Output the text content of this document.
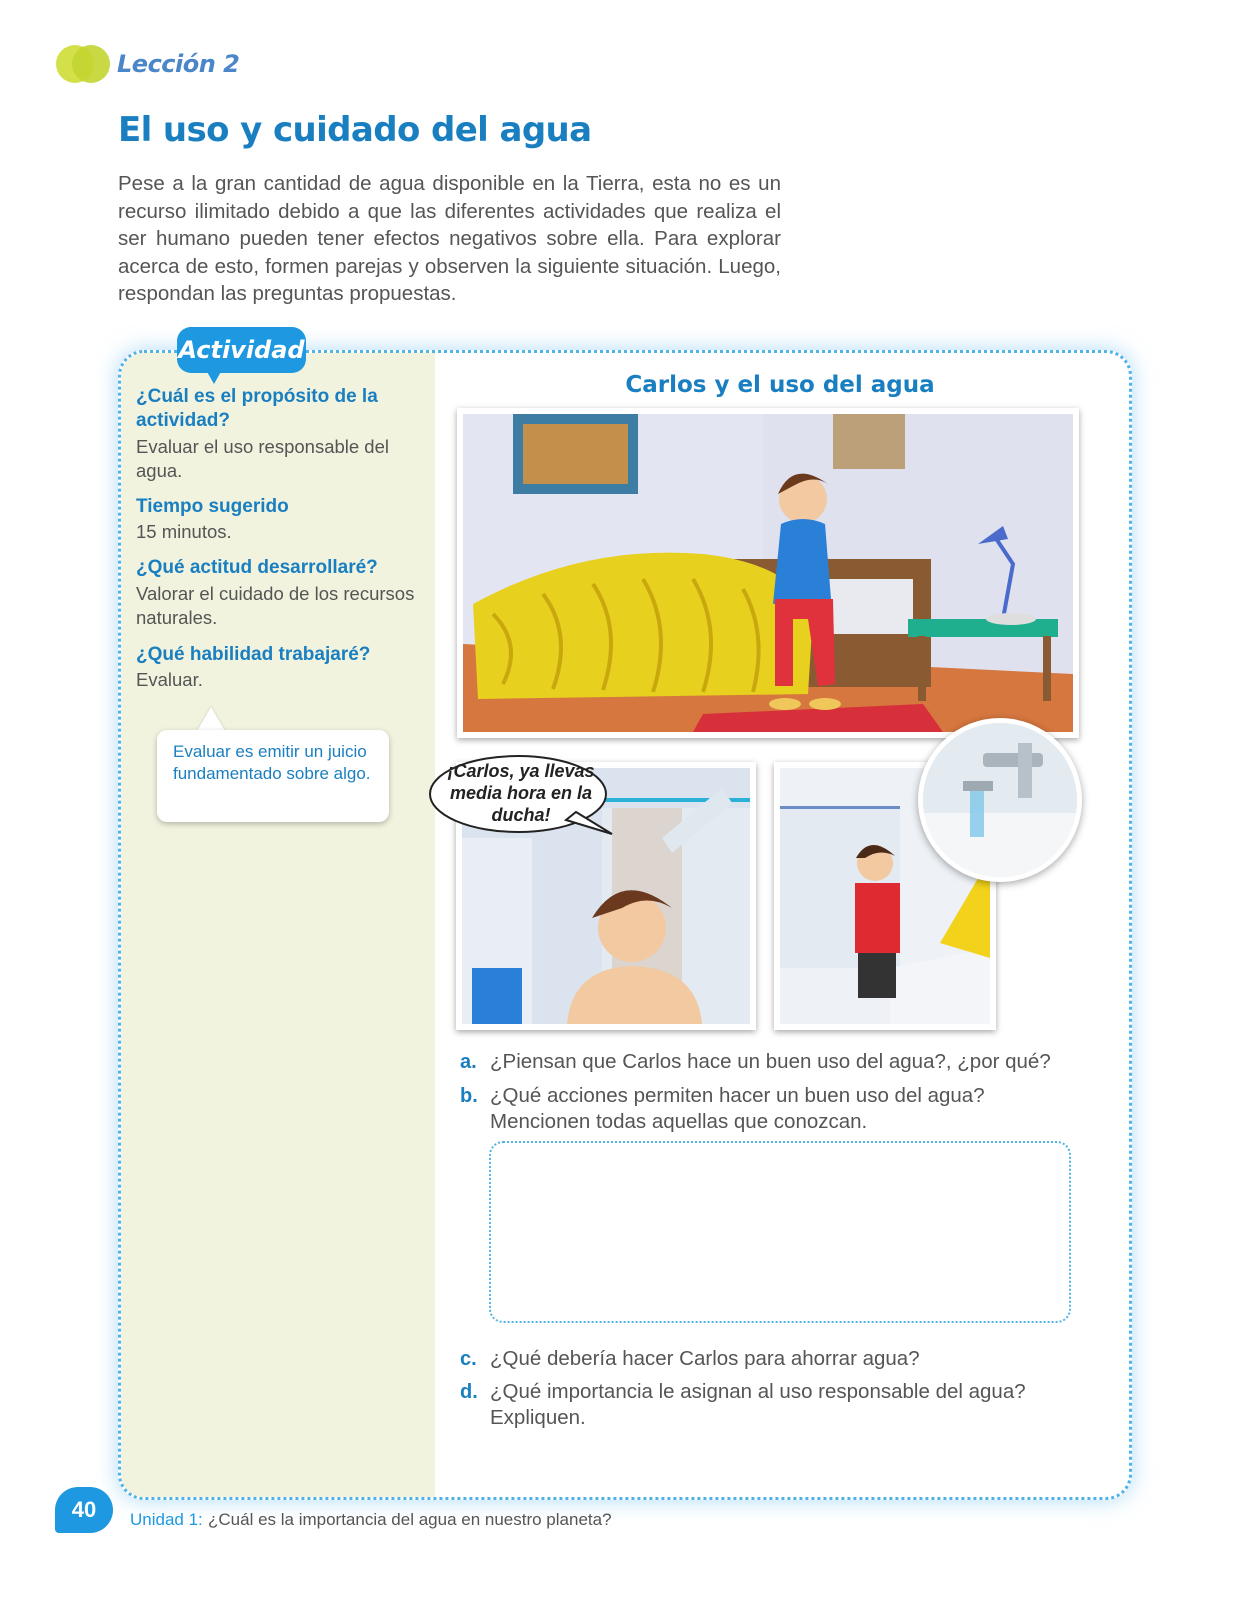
Lección 2
El uso y cuidado del agua
Pese a la gran cantidad de agua disponible en la Tierra, esta no es un recurso ilimitado debido a que las diferentes actividades que realiza el ser humano pueden tener efectos negativos sobre ella. Para explorar acerca de esto, formen parejas y observen la siguiente situación. Luego, respondan las preguntas propuestas.
Actividad
¿Cuál es el propósito de la actividad?
Evaluar el uso responsable del agua.
Tiempo sugerido
15 minutos.
¿Qué actitud desarrollaré?
Valorar el cuidado de los recursos naturales.
¿Qué habilidad trabajaré?
Evaluar.
Evaluar es emitir un juicio fundamentado sobre algo.
Carlos y el uso del agua
¡Carlos, ya llevas media hora en la ducha!
a. ¿Piensan que Carlos hace un buen uso del agua?, ¿por qué?
b. ¿Qué acciones permiten hacer un buen uso del agua? Mencionen todas aquellas que conozcan.
c. ¿Qué debería hacer Carlos para ahorrar agua?
d. ¿Qué importancia le asignan al uso responsable del agua? Expliquen.
40	Unidad 1: ¿Cuál es la importancia del agua en nuestro planeta?
